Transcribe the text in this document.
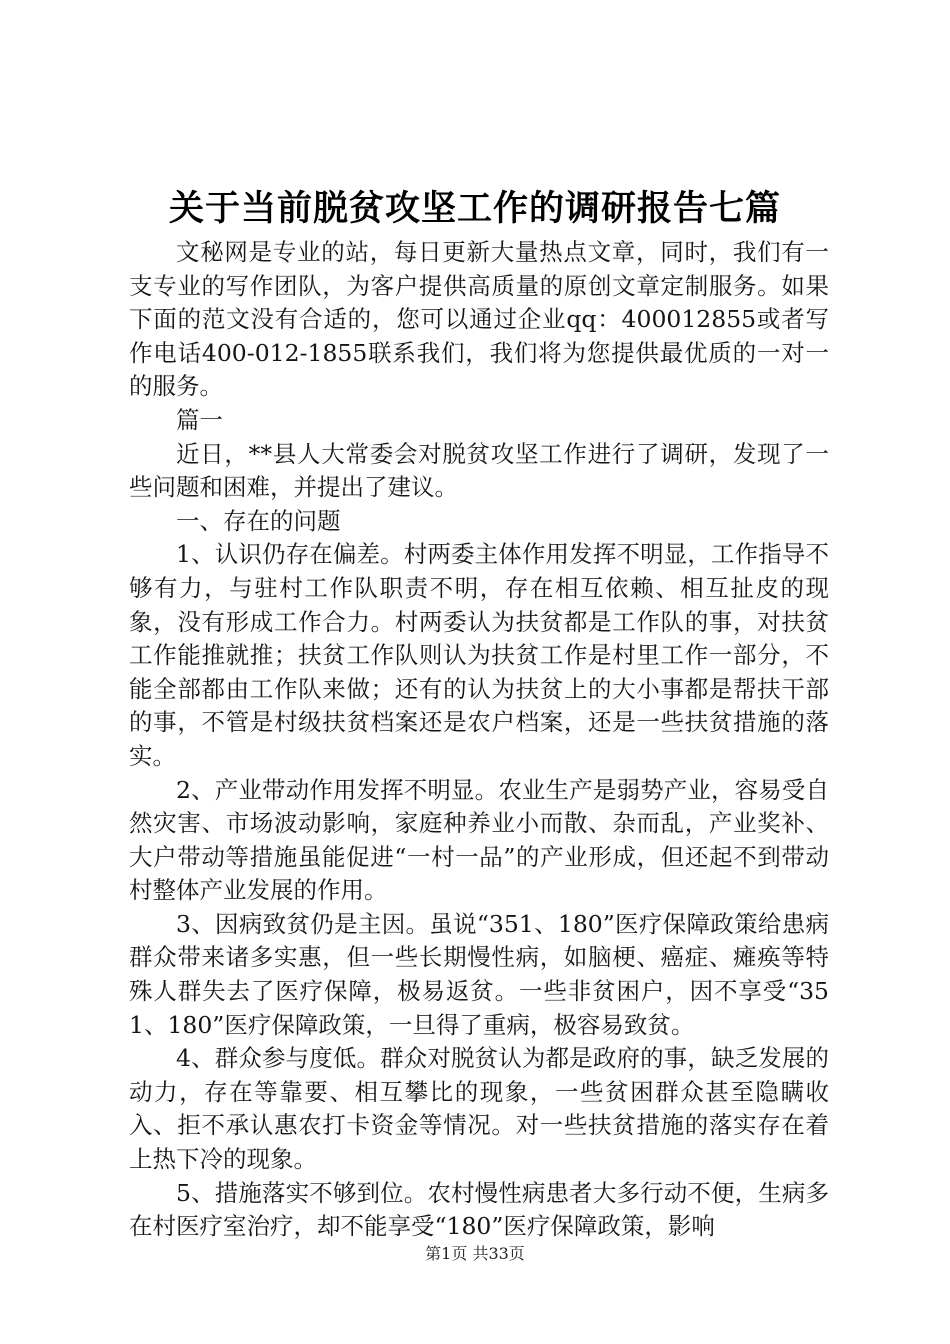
关于当前脱贫攻坚工作的调研报告七篇

文秘网是专业的站，每日更新大量热点文章，同时，我们有一支专业的写作团队，为客户提供高质量的原创文章定制服务。如果下面的范文没有合适的，您可以通过企业qq：400012855或者写作电话400-012-1855联系我们，我们将为您提供最优质的一对一的服务。

篇一

近日，**县人大常委会对脱贫攻坚工作进行了调研，发现了一些问题和困难，并提出了建议。

一、存在的问题

1、认识仍存在偏差。村两委主体作用发挥不明显，工作指导不够有力，与驻村工作队职责不明，存在相互依赖、相互扯皮的现象，没有形成工作合力。村两委认为扶贫都是工作队的事，对扶贫工作能推就推；扶贫工作队则认为扶贫工作是村里工作一部分，不能全部都由工作队来做；还有的认为扶贫上的大小事都是帮扶干部的事，不管是村级扶贫档案还是农户档案，还是一些扶贫措施的落实。

2、产业带动作用发挥不明显。农业生产是弱势产业，容易受自然灾害、市场波动影响，家庭种养业小而散、杂而乱，产业奖补、大户带动等措施虽能促进“一村一品”的产业形成，但还起不到带动村整体产业发展的作用。

3、因病致贫仍是主因。虽说“351、180”医疗保障政策给患病群众带来诸多实惠，但一些长期慢性病，如脑梗、癌症、瘫痪等特殊人群失去了医疗保障，极易返贫。一些非贫困户，因不享受“351、180”医疗保障政策，一旦得了重病，极容易致贫。

4、群众参与度低。群众对脱贫认为都是政府的事，缺乏发展的动力，存在等靠要、相互攀比的现象，一些贫困群众甚至隐瞒收入、拒不承认惠农打卡资金等情况。对一些扶贫措施的落实存在着上热下冷的现象。

5、措施落实不够到位。农村慢性病患者大多行动不便，生病多在村医疗室治疗，却不能享受“180”医疗保障政策，影响

第1页 共33页
